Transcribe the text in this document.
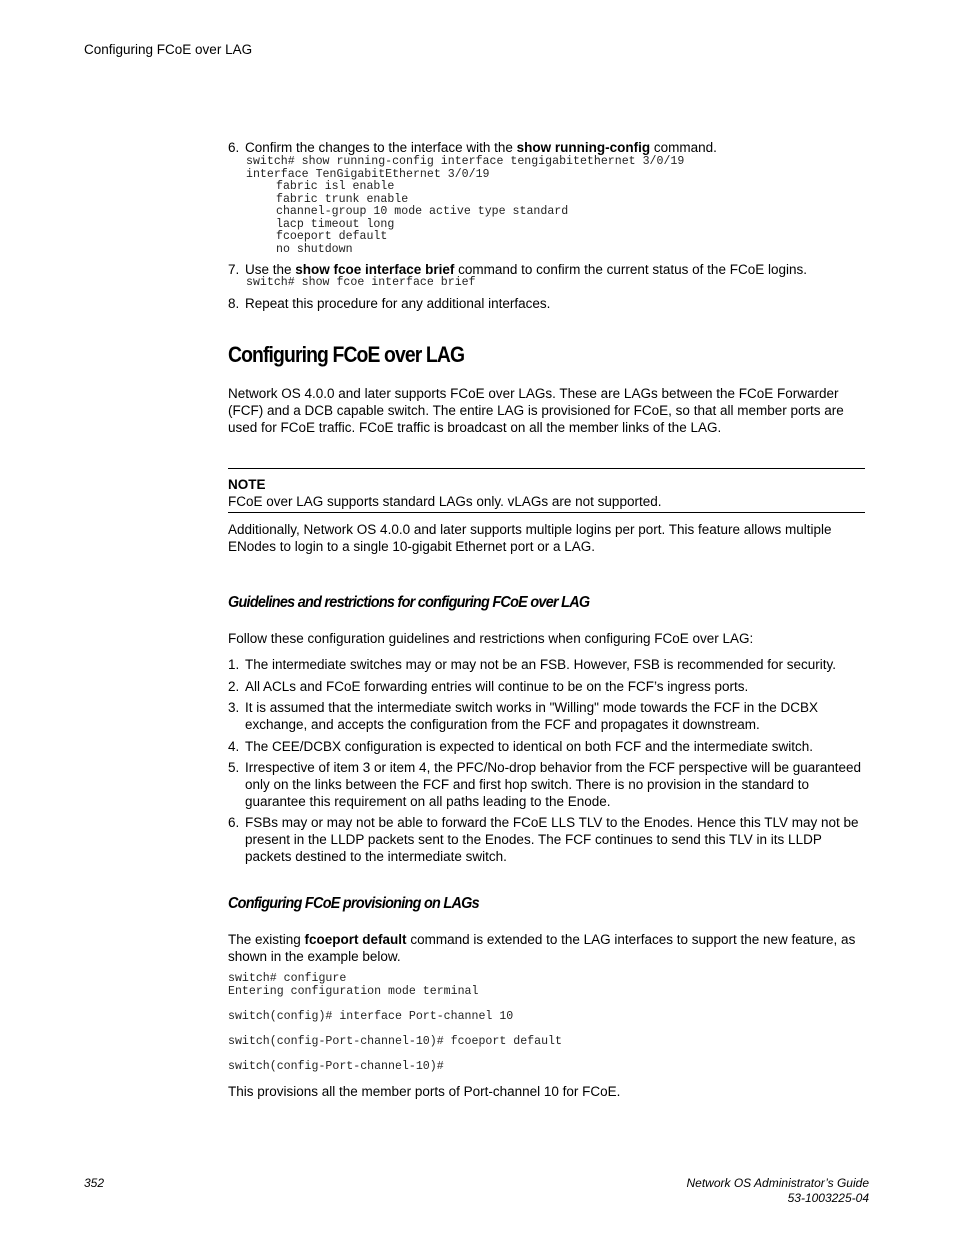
Configuring FCoE over LAG
6. Confirm the changes to the interface with the show running-config command.
switch# show running-config interface tengigabitethernet 3/0/19
interface TenGigabitEthernet 3/0/19
fabric isl enable
fabric trunk enable
channel-group 10 mode active type standard
lacp timeout long
fcoeport default
no shutdown
7. Use the show fcoe interface brief command to confirm the current status of the FCoE logins.
switch# show fcoe interface brief
8. Repeat this procedure for any additional interfaces.
Configuring FCoE over LAG

Network OS 4.0.0 and later supports FCoE over LAGs. These are LAGs between the FCoE Forwarder (FCF) and a DCB capable switch. The entire LAG is provisioned for FCoE, so that all member ports are used for FCoE traffic. FCoE traffic is broadcast on all the member links of the LAG.

NOTE

FCoE over LAG supports standard LAGs only. vLAGs are not supported.

Additionally, Network OS 4.0.0 and later supports multiple logins per port. This feature allows multiple ENodes to login to a single 10-gigabit Ethernet port or a LAG.

Guidelines and restrictions for configuring FCoE over LAG

Follow these configuration guidelines and restrictions when configuring FCoE over LAG:

1. The intermediate switches may or may not be an FSB. However, FSB is recommended for security.
2. All ACLs and FCoE forwarding entries will continue to be on the FCF’s ingress ports.
3. It is assumed that the intermediate switch works in "Willing" mode towards the FCF in the DCBX exchange, and accepts the configuration from the FCF and propagates it downstream.
4. The CEE/DCBX configuration is expected to identical on both FCF and the intermediate switch.
5. Irrespective of item 3 or item 4, the PFC/No-drop behavior from the FCF perspective will be guaranteed only on the links between the FCF and first hop switch. There is no provision in the standard to guarantee this requirement on all paths leading to the Enode.
6. FSBs may or may not be able to forward the FCoE LLS TLV to the Enodes. Hence this TLV may not be present in the LLDP packets sent to the Enodes. The FCF continues to send this TLV in its LLDP packets destined to the intermediate switch.
Configuring FCoE provisioning on LAGs

The existing fcoeport default command is extended to the LAG interfaces to support the new feature, as shown in the example below.

switch# configure
Entering configuration mode terminal
switch(config)# interface Port-channel 10
switch(config-Port-channel-10)# fcoeport default
switch(config-Port-channel-10)#

This provisions all the member ports of Port-channel 10 for FCoE.

352	Network OS Administrator’s Guide
53-1003225-04
